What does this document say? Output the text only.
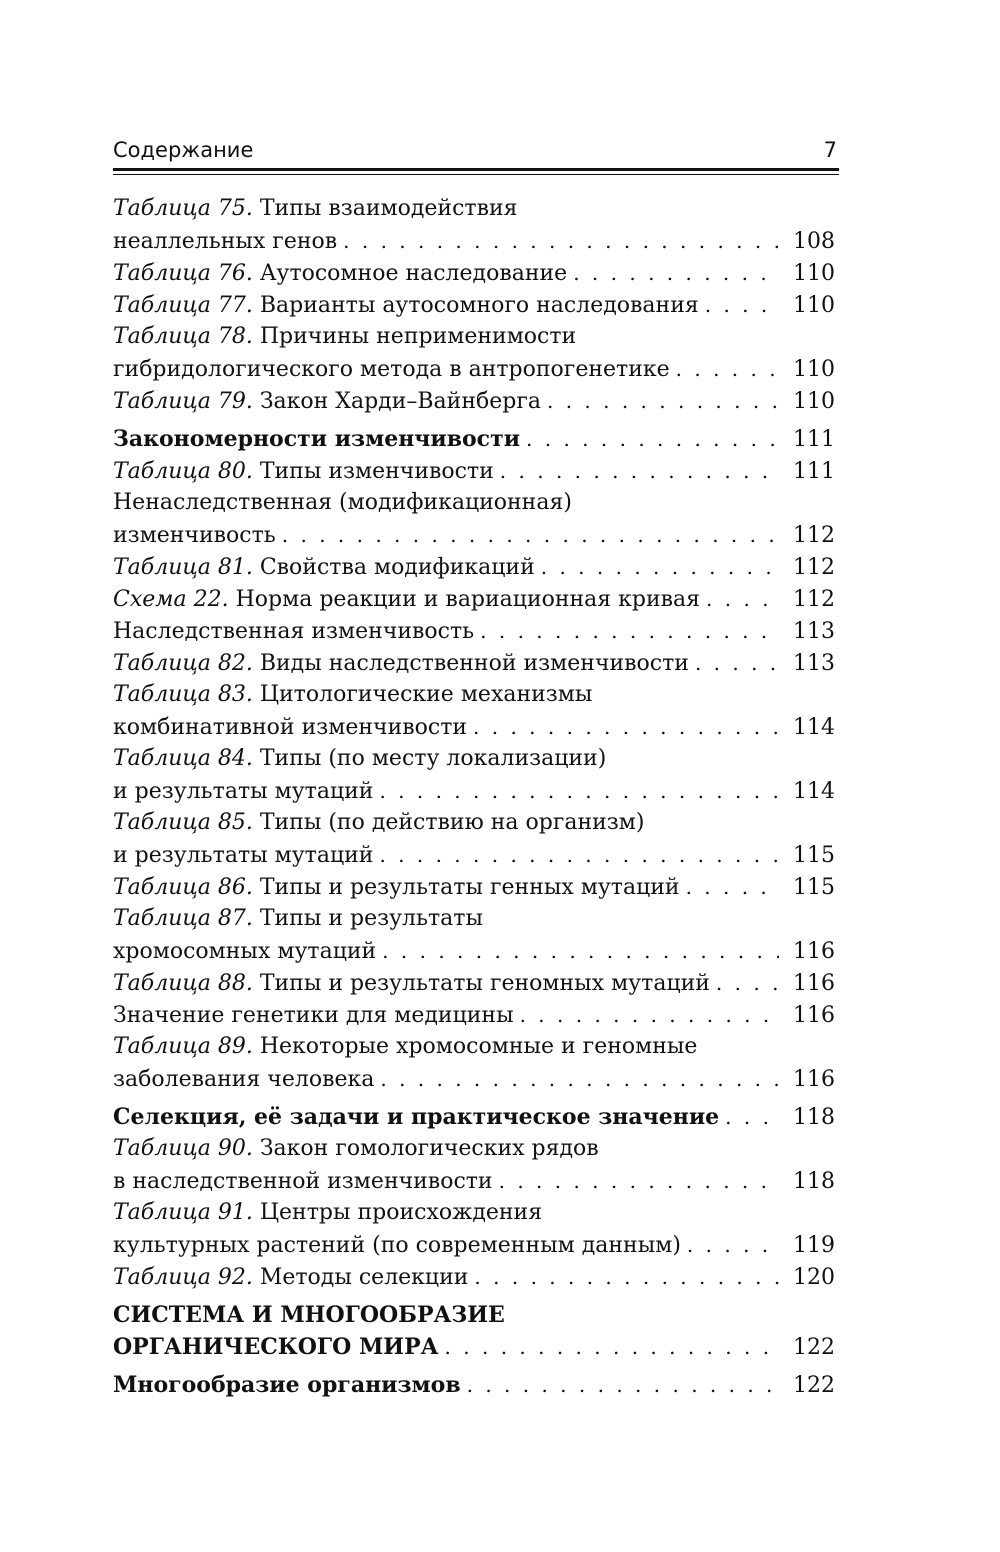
Содержание	7
Таблица 75. Типы взаимодействия
неаллельных генов . . .	108
Таблица 76. Аутосомное наследование . . .	110
Таблица 77. Варианты аутосомного наследования . . .	110
Таблица 78. Причины неприменимости
гибридологического метода в антропогенетике . . .	110
Таблица 79. Закон Харди–Вайнберга . . .	110
Закономерности изменчивости . . .	111
Таблица 80. Типы изменчивости . . .	111
Ненаследственная (модификационная)
изменчивость . . .	112
Таблица 81. Свойства модификаций . . .	112
Схема 22. Норма реакции и вариационная кривая . . .	112
Наследственная изменчивость . . .	113
Таблица 82. Виды наследственной изменчивости . . .	113
Таблица 83. Цитологические механизмы
комбинативной изменчивости . . .	114
Таблица 84. Типы (по месту локализации)
и результаты мутаций . . .	114
Таблица 85. Типы (по действию на организм)
и результаты мутаций . . .	115
Таблица 86. Типы и результаты генных мутаций . . .	115
Таблица 87. Типы и результаты
хромосомных мутаций . . .	116
Таблица 88. Типы и результаты геномных мутаций . . .	116
Значение генетики для медицины . . .	116
Таблица 89. Некоторые хромосомные и геномные
заболевания человека . . .	116
Селекция, её задачи и практическое значение . . .	118
Таблица 90. Закон гомологических рядов
в наследственной изменчивости . . .	118
Таблица 91. Центры происхождения
культурных растений (по современным данным) . . .	119
Таблица 92. Методы селекции . . .	120
СИСТЕМА И МНОГООБРАЗИЕ
ОРГАНИЧЕСКОГО МИРА . . .	122
Многообразие организмов . . .	122
